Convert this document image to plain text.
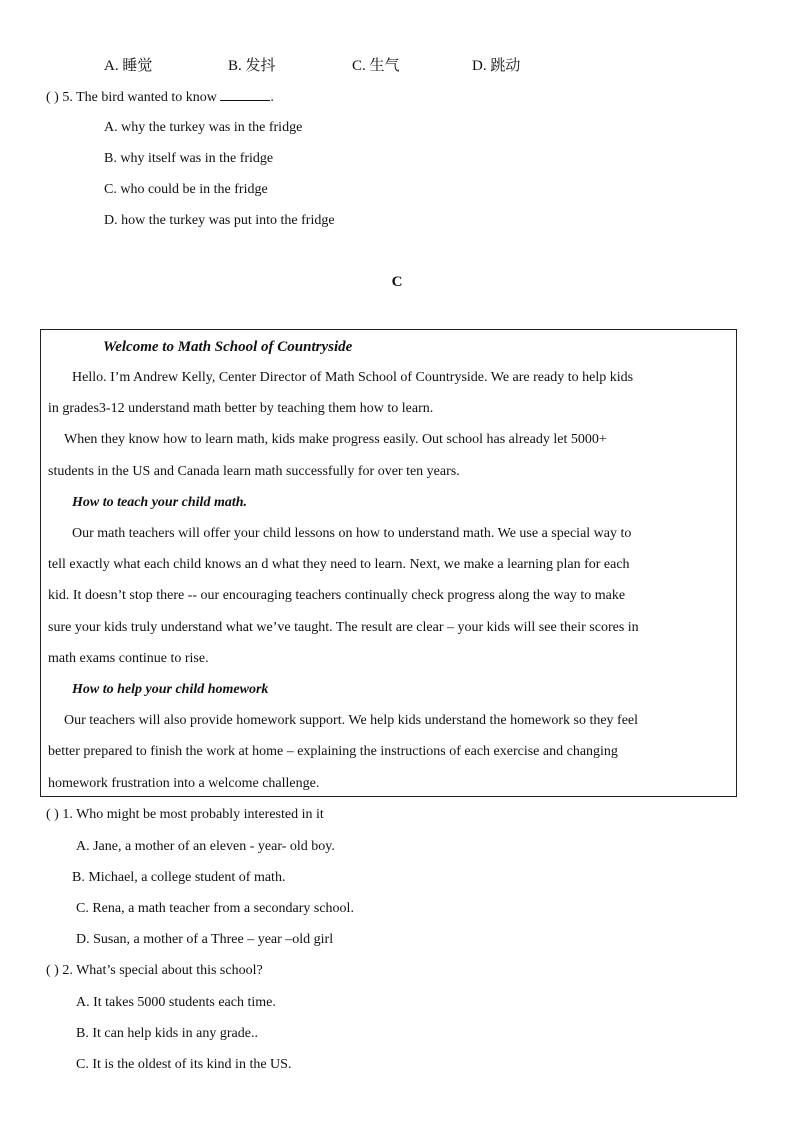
A. 睡觉	B. 发抖	C. 生气	D. 跳动
( ) 5. The bird wanted to know	.
A. why the turkey was in the fridge
B. why itself was in the fridge
C. who could be in the fridge
D. how the turkey was put into the fridge
C
Welcome to Math School of Countryside
Hello. I’m Andrew Kelly, Center Director of Math School of Countryside. We are ready to help kids
in grades3-12 understand math better by teaching them how to learn.
When they know how to learn math, kids make progress easily. Out school has already let 5000+
students in the US and Canada learn math successfully for over ten years.
How to teach your child math.
Our math teachers will offer your child lessons on how to understand math. We use a special way to
tell exactly what each child knows an d what they need to learn. Next, we make a learning plan for each
kid. It doesn’t stop there -- our encouraging teachers continually check progress along the way to make
sure your kids truly understand what we’ve taught. The result are clear – your kids will see their scores in
math exams continue to rise.
How to help your child homework
Our teachers will also provide homework support. We help kids understand the homework so they feel
better prepared to finish the work at home – explaining the instructions of each exercise and changing
homework frustration into a welcome challenge.
( ) 1. Who might be most probably interested in it
A. Jane, a mother of an eleven - year- old boy.
B. Michael, a college student of math.
C. Rena, a math teacher from a secondary school.
D. Susan, a mother of a Three – year –old girl
( ) 2. What’s special about this school?
A. It takes 5000 students each time.
B. It can help kids in any grade..
C. It is the oldest of its kind in the US.
